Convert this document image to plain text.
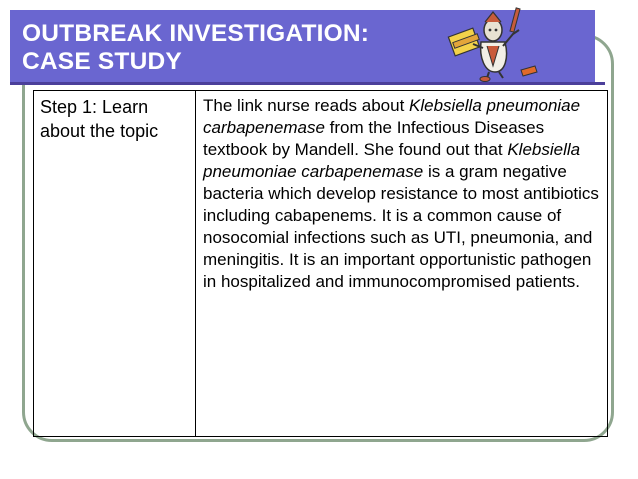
OUTBREAK INVESTIGATION:
CASE STUDY
Step 1: Learn about the topic	The link nurse reads about Klebsiella pneumoniae carbapenemase from the Infectious Diseases textbook by Mandell. She found out that Klebsiella pneumoniae carbapenemase is a gram negative bacteria which develop resistance to most antibiotics including cabapenems. It is a common cause of nosocomial infections such as UTI, pneumonia, and meningitis. It is an important opportunistic pathogen in hospitalized and immunocompromised patients.
